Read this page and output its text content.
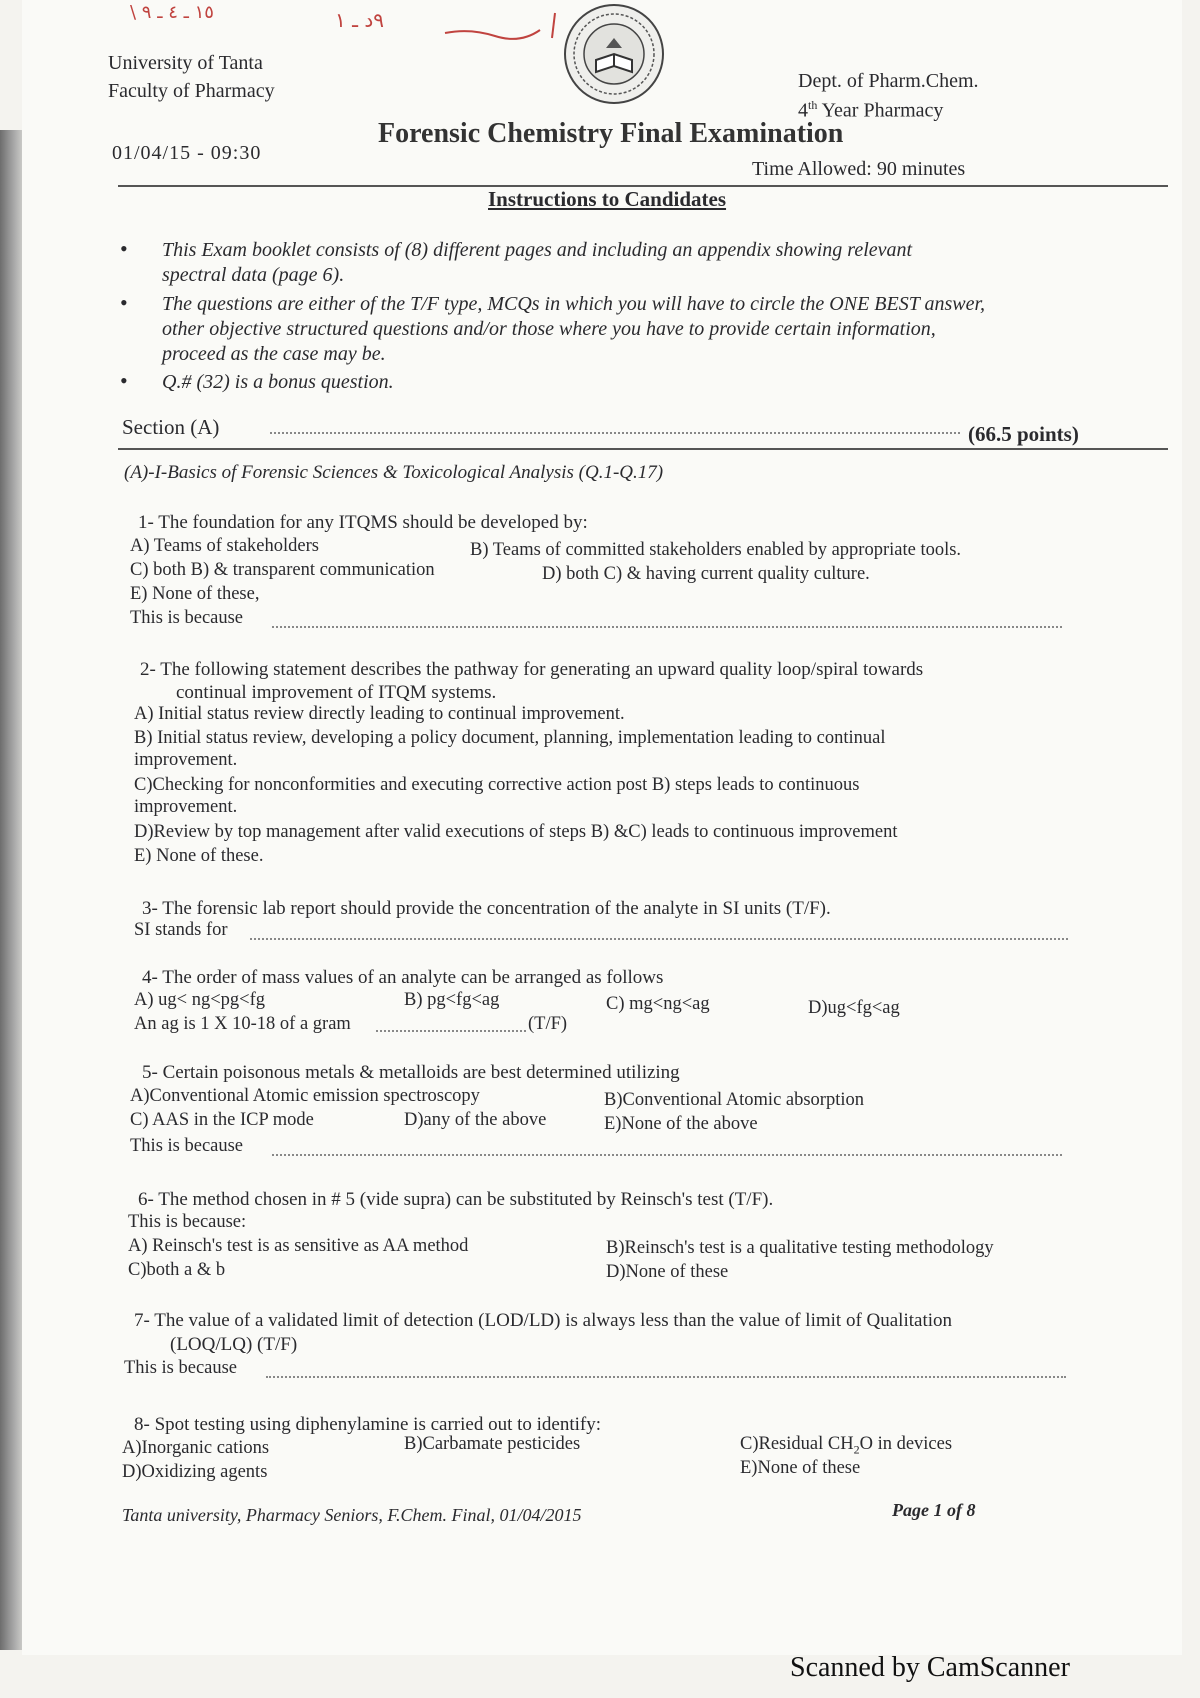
\ ١٥ ـ ٤ ـ ٩	٩د ـ ١
University of Tanta
Faculty of Pharmacy	Dept. of Pharm.Chem.
4th Year Pharmacy
Forensic Chemistry Final Examination
01/04/15 - 09:30
Time Allowed: 90 minutes
Instructions to Candidates
• This Exam booklet consists of (8) different pages and including an appendix showing relevant
spectral data (page 6).
• The questions are either of the T/F type, MCQs in which you will have to circle the ONE BEST answer,
other objective structured questions and/or those where you have to provide certain information,
proceed as the case may be.
• Q.# (32) is a bonus question.
Section (A)	(66.5 points)
(A)-I-Basics of Forensic Sciences & Toxicological Analysis (Q.1-Q.17)
1- The foundation for any ITQMS should be developed by:
A) Teams of stakeholders	B) Teams of committed stakeholders enabled by appropriate tools.
C) both B) & transparent communication	D) both C) & having current quality culture.
E) None of these,
This is because
2- The following statement describes the pathway for generating an upward quality loop/spiral towards
continual improvement of ITQM systems.
A) Initial status review directly leading to continual improvement.
B) Initial status review, developing a policy document, planning, implementation leading to continual
improvement.
C)Checking for nonconformities and executing corrective action post B) steps leads to continuous
improvement.
D)Review by top management after valid executions of steps B) &C) leads to continuous improvement
E) None of these.
3- The forensic lab report should provide the concentration of the analyte in SI units (T/F).
SI stands for
4- The order of mass values of an analyte can be arranged as follows
A) ug< ng<pg<fg	B) pg<fg<ag	C) mg<ng<ag	D)ug<fg<ag
An ag is 1 X 10-18 of a gram	(T/F)
5- Certain poisonous metals & metalloids are best determined utilizing
A)Conventional Atomic emission spectroscopy	B)Conventional Atomic absorption
C) AAS in the ICP mode	D)any of the above	E)None of the above
This is because
6- The method chosen in # 5 (vide supra) can be substituted by Reinsch's test (T/F).
This is because:
A) Reinsch's test is as sensitive as AA method	B)Reinsch's test is a qualitative testing methodology
C)both a & b	D)None of these
7- The value of a validated limit of detection (LOD/LD) is always less than the value of limit of Qualitation
(LOQ/LQ) (T/F)
This is because
8- Spot testing using diphenylamine is carried out to identify:
A)Inorganic cations	B)Carbamate pesticides	C)Residual $CH_2O$ in devices
D)Oxidizing agents	E)None of these
Tanta university, Pharmacy Seniors, F.Chem. Final, 01/04/2015	Page 1 of 8
Scanned by CamScanner
